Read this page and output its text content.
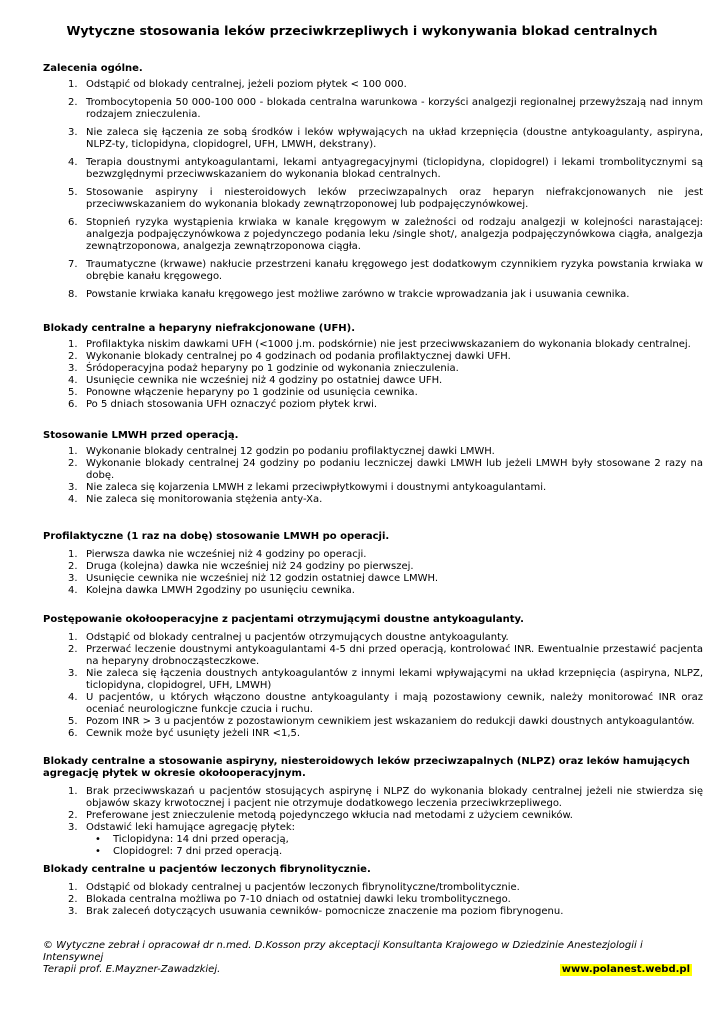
Wytyczne stosowania leków przeciwkrzepliwych i wykonywania blokad centralnych

Zalecenia ogólne.

1. Odstąpić od blokady centralnej, jeżeli poziom płytek < 100 000.
2. Trombocytopenia 50 000-100 000 - blokada centralna warunkowa - korzyści analgezji regionalnej przewyższają nad innym rodzajem znieczulenia.
3. Nie zaleca się łączenia ze sobą środków i leków wpływających na układ krzepnięcia (doustne antykoagulanty, aspiryna, NLPZ-ty, ticlopidyna, clopidogrel, UFH, LMWH, dekstrany).
4. Terapia doustnymi antykoagulantami, lekami antyagregacyjnymi (ticlopidyna, clopidogrel) i lekami trombolitycznymi są bezwzględnymi przeciwwskazaniem do wykonania blokad centralnych.
5. Stosowanie aspiryny i niesteroidowych leków przeciwzapalnych oraz heparyn niefrakcjonowanych nie jest przeciwwskazaniem do wykonania blokady zewnątrzoponowej lub podpajęczynówkowej.
6. Stopnień ryzyka wystąpienia krwiaka w kanale kręgowym w zależności od rodzaju analgezji w kolejności narastającej: analgezja podpajęczynówkowa z pojedynczego podania leku /single shot/, analgezja podpajęczynówkowa ciągła, analgezja zewnątrzoponowa, analgezja zewnątrzoponowa ciągła.
7. Traumatyczne (krwawe) nakłucie przestrzeni kanału kręgowego jest dodatkowym czynnikiem ryzyka powstania krwiaka w obrębie kanału kręgowego.
8. Powstanie krwiaka kanału kręgowego jest możliwe zarówno w trakcie wprowadzania jak i usuwania cewnika.

Blokady centralne a heparyny niefrakcjonowane (UFH).

1. Profilaktyka niskim dawkami UFH (<1000 j.m. podskórnie) nie jest przeciwwskazaniem do wykonania blokady centralnej.
2. Wykonanie blokady centralnej po 4 godzinach od podania profilaktycznej dawki UFH.
3. Śródoperacyjna podaż heparyny po 1 godzinie od wykonania znieczulenia.
4. Usunięcie cewnika nie wcześniej niż 4 godziny po ostatniej dawce UFH.
5. Ponowne włączenie heparyny po 1 godzinie od usunięcia cewnika.
6. Po 5 dniach stosowania UFH oznaczyć poziom płytek krwi.

Stosowanie LMWH przed operacją.

1. Wykonanie blokady centralnej 12 godzin po podaniu profilaktycznej dawki LMWH.
2. Wykonanie blokady centralnej 24 godziny po podaniu leczniczej dawki LMWH lub jeżeli LMWH były stosowane 2 razy na dobę.
3. Nie zaleca się kojarzenia LMWH z lekami przeciwpłytkowymi i doustnymi antykoagulantami.
4. Nie zaleca się monitorowania stężenia anty-Xa.

Profilaktyczne (1 raz na dobę) stosowanie LMWH po operacji.

1. Pierwsza dawka nie wcześniej niż 4 godziny po operacji.
2. Druga (kolejna) dawka nie wcześniej niż 24 godziny po pierwszej.
3. Usunięcie cewnika nie wcześniej niż 12 godzin ostatniej dawce LMWH.
4. Kolejna dawka LMWH 2godziny po usunięciu cewnika.

Postępowanie okołooperacyjne z pacjentami otrzymującymi doustne antykoagulanty.

1. Odstąpić od blokady centralnej u pacjentów otrzymujących doustne antykoagulanty.
2. Przerwać leczenie doustnymi antykoagulantami 4-5 dni przed operacją, kontrolować INR. Ewentualnie przestawić pacjenta na heparyny drobnocząsteczkowe.
3. Nie zaleca się łączenia doustnych antykoagulantów z innymi lekami wpływającymi na układ krzepnięcia (aspiryna, NLPZ, ticlopidyna, clopidogrel, UFH, LMWH)
4. U pacjentów, u których włączono doustne antykoagulanty i mają pozostawiony cewnik, należy monitorować INR oraz oceniać neurologiczne funkcje czucia i ruchu.
5. Pozom INR > 3 u pacjentów z pozostawionym cewnikiem jest wskazaniem do redukcji dawki doustnych antykoagulantów.
6. Cewnik może być usunięty jeżeli INR <1,5.

Blokady centralne a stosowanie aspiryny, niesteroidowych leków przeciwzapalnych (NLPZ) oraz leków hamujących agregację płytek w okresie okołooperacyjnym.

1. Brak przeciwwskazań u pacjentów stosujących aspirynę i NLPZ do wykonania blokady centralnej jeżeli nie stwierdza się objawów skazy krwotocznej i pacjent nie otrzymuje dodatkowego leczenia przeciwkrzepliwego.
2. Preferowane jest znieczulenie metodą pojedynczego wkłucia nad metodami z użyciem cewników.
3. Odstawić leki hamujące agregację płytek:
• Ticlopidyna: 14 dni przed operacją,
• Clopidogrel: 7 dni przed operacją.

Blokady centralne u pacjentów leczonych fibrynolitycznie.

1. Odstąpić od blokady centralnej u pacjentów leczonych fibrynolityczne/trombolitycznie.
2. Blokada centralna możliwa po 7-10 dniach od ostatniej dawki leku trombolitycznego.
3. Brak zaleceń dotyczących usuwania cewników- pomocnicze znaczenie ma poziom fibrynogenu.
© Wytyczne zebrał i opracował dr n.med. D.Kosson przy akceptacji Konsultanta Krajowego w Dziedzinie Anestezjologii i Intensywnej
Terapii prof. E.Mayzner-Zawadzkiej.	www.polanest.webd.pl
